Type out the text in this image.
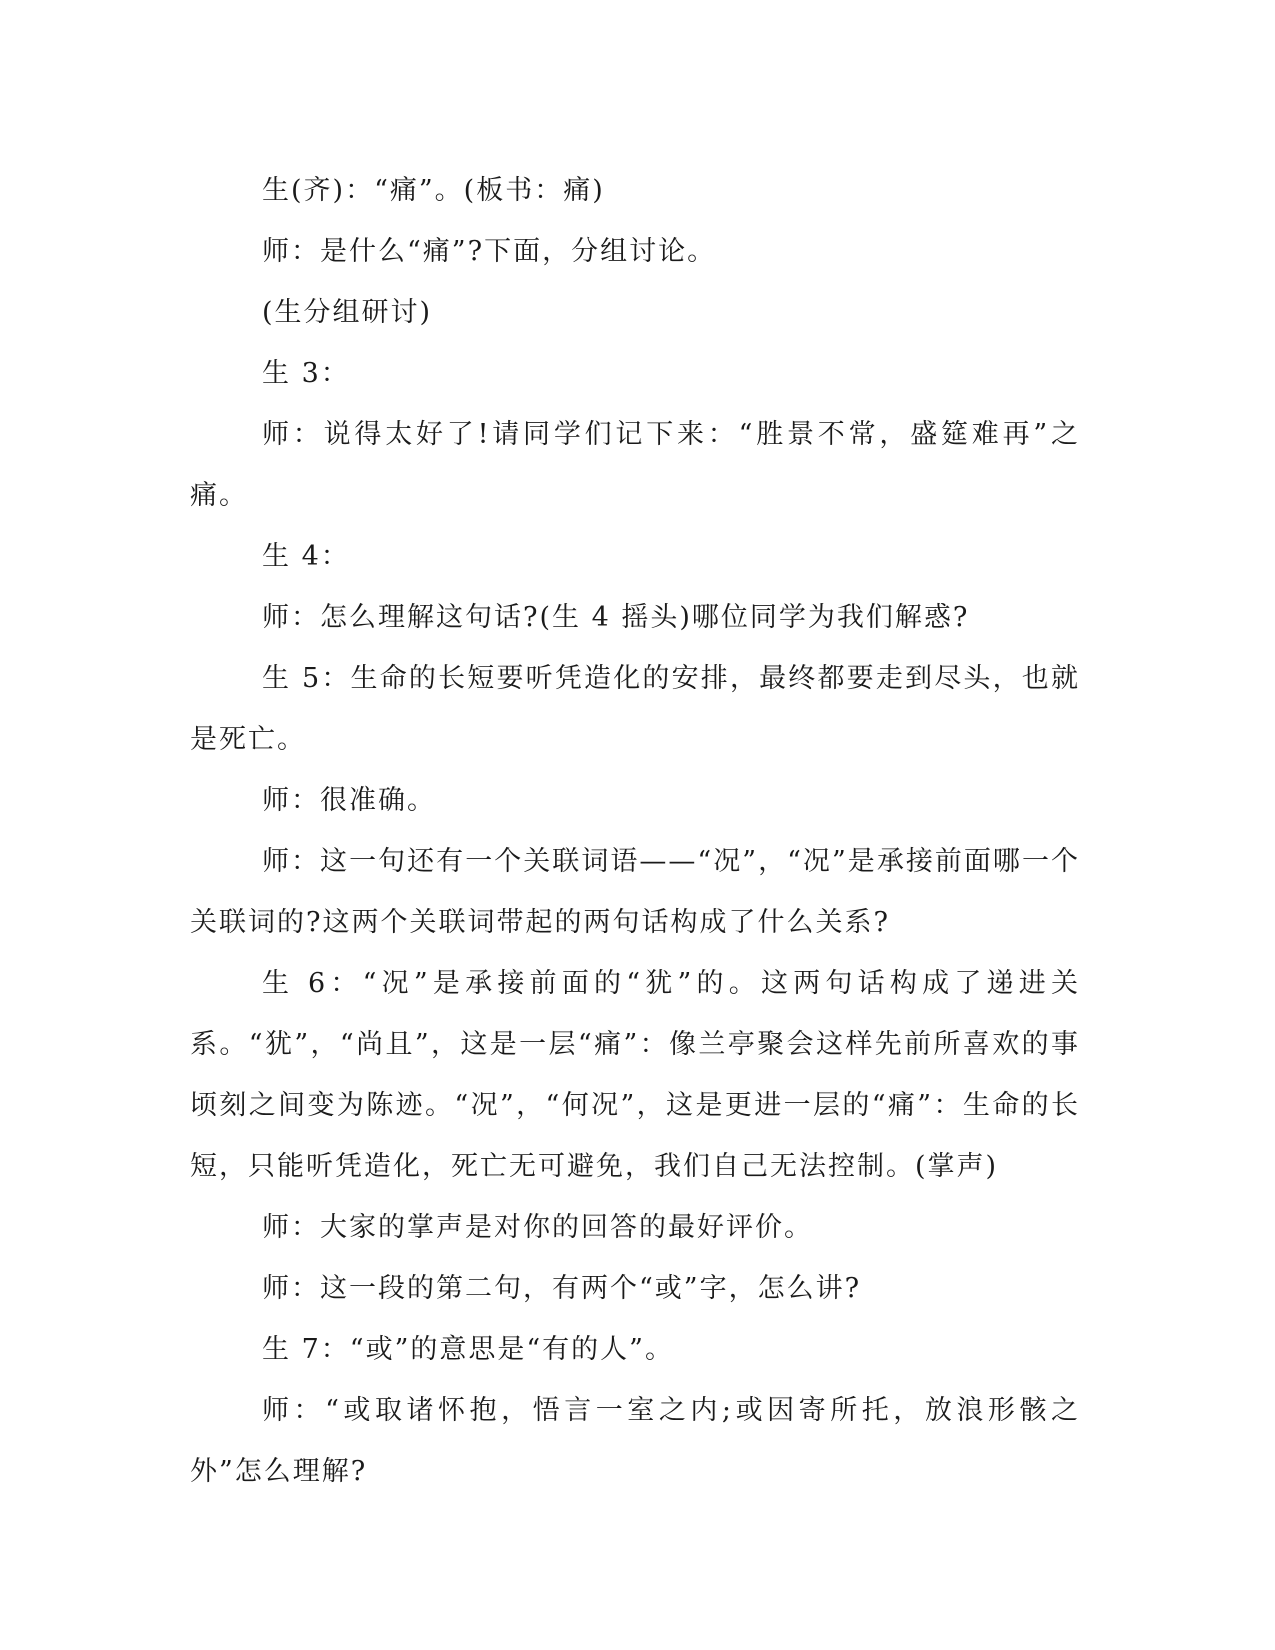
生(齐)：“痛”。(板书：痛)

师：是什么“痛”?下面，分组讨论。

(生分组研讨)

生 3：

师：说得太好了!请同学们记下来：“胜景不常，盛筵难再”之痛。

生 4：

师：怎么理解这句话?(生 4 摇头)哪位同学为我们解惑?

生 5：生命的长短要听凭造化的安排，最终都要走到尽头，也就是死亡。

师：很准确。

师：这一句还有一个关联词语——“况”，“况”是承接前面哪一个关联词的?这两个关联词带起的两句话构成了什么关系?

生 6：“况”是承接前面的“犹”的。这两句话构成了递进关系。“犹”，“尚且”，这是一层“痛”：像兰亭聚会这样先前所喜欢的事顷刻之间变为陈迹。“况”，“何况”，这是更进一层的“痛”：生命的长短，只能听凭造化，死亡无可避免，我们自己无法控制。(掌声)

师：大家的掌声是对你的回答的最好评价。

师：这一段的第二句，有两个“或”字，怎么讲?

生 7：“或”的意思是“有的人”。

师：“或取诸怀抱，悟言一室之内;或因寄所托，放浪形骸之外”怎么理解?
